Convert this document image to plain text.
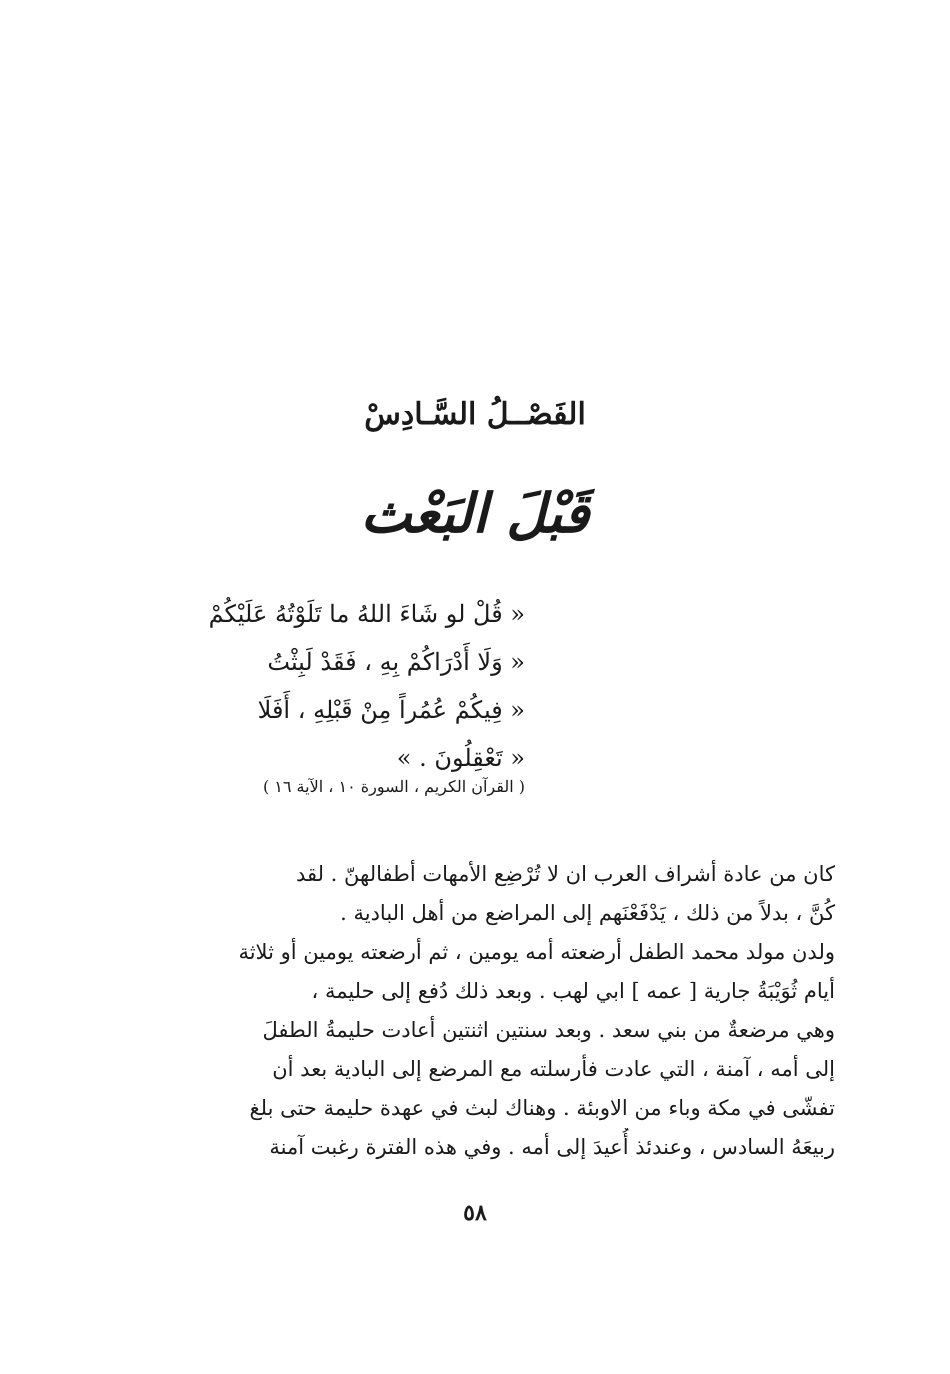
الفَصْــلُ السَّـادِسْ
قَبْلَ البَعْث
« قُلْ لو شَاءَ اللهُ ما تَلَوْتُهُ عَلَيْكُمْ
« وَلَا أَدْرَاكُمْ بِهِ ، فَقَدْ لَبِثْتُ
« فِيكُمْ عُمُراً مِنْ قَبْلِهِ ، أَفَلَا
« تَعْقِلُونَ . »
( القرآن الكريم ، السورة ١٠ ، الآية ١٦ )
كان من عادة أشراف العرب ان لا تُرْضِع الأمهات أطفالهنّ . لقد
كُنَّ ، بدلاً من ذلك ، يَدْفَعْنَهم إلى المراضع من أهل البادية .
ولدن مولد محمد الطفل أرضعته أمه يومين ، ثم أرضعته يومين أو ثلاثة
أيام ثُوَيْبَةُ جارية [ عمه ] ابي لهب . وبعد ذلك دُفع إلى حليمة ،
وهي مرضعةٌ من بني سعد . وبعد سنتين اثنتين أعادت حليمةُ الطفلَ
إلى أمه ، آمنة ، التي عادت فأرسلته مع المرضع إلى البادية بعد أن
تفشّى في مكة وباء من الاوبئة . وهناك لبث في عهدة حليمة حتى بلغ
ربيعَهُ السادس ، وعندئذ أُعيدَ إلى أمه . وفي هذه الفترة رغبت آمنة
٥٨
